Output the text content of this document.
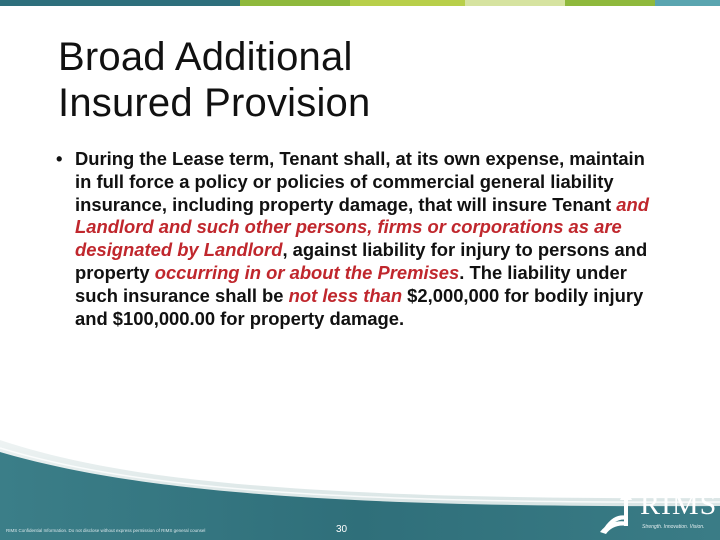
Broad Additional
Insured Provision
• During the Lease term, Tenant shall, at its own expense, maintain in full force a policy or policies of commercial general liability insurance, including property damage, that will insure Tenant and Landlord and such other persons, firms or corporations as are designated by Landlord, against liability for injury to persons and property occurring in or about the Premises. The liability under such insurance shall be not less than $2,000,000 for bodily injury and $100,000.00 for property damage.
RIMS Confidential Information. Do not disclose without express permission of RIMS general counsel	30
RIMS
Strength. Innovation. Vision.
